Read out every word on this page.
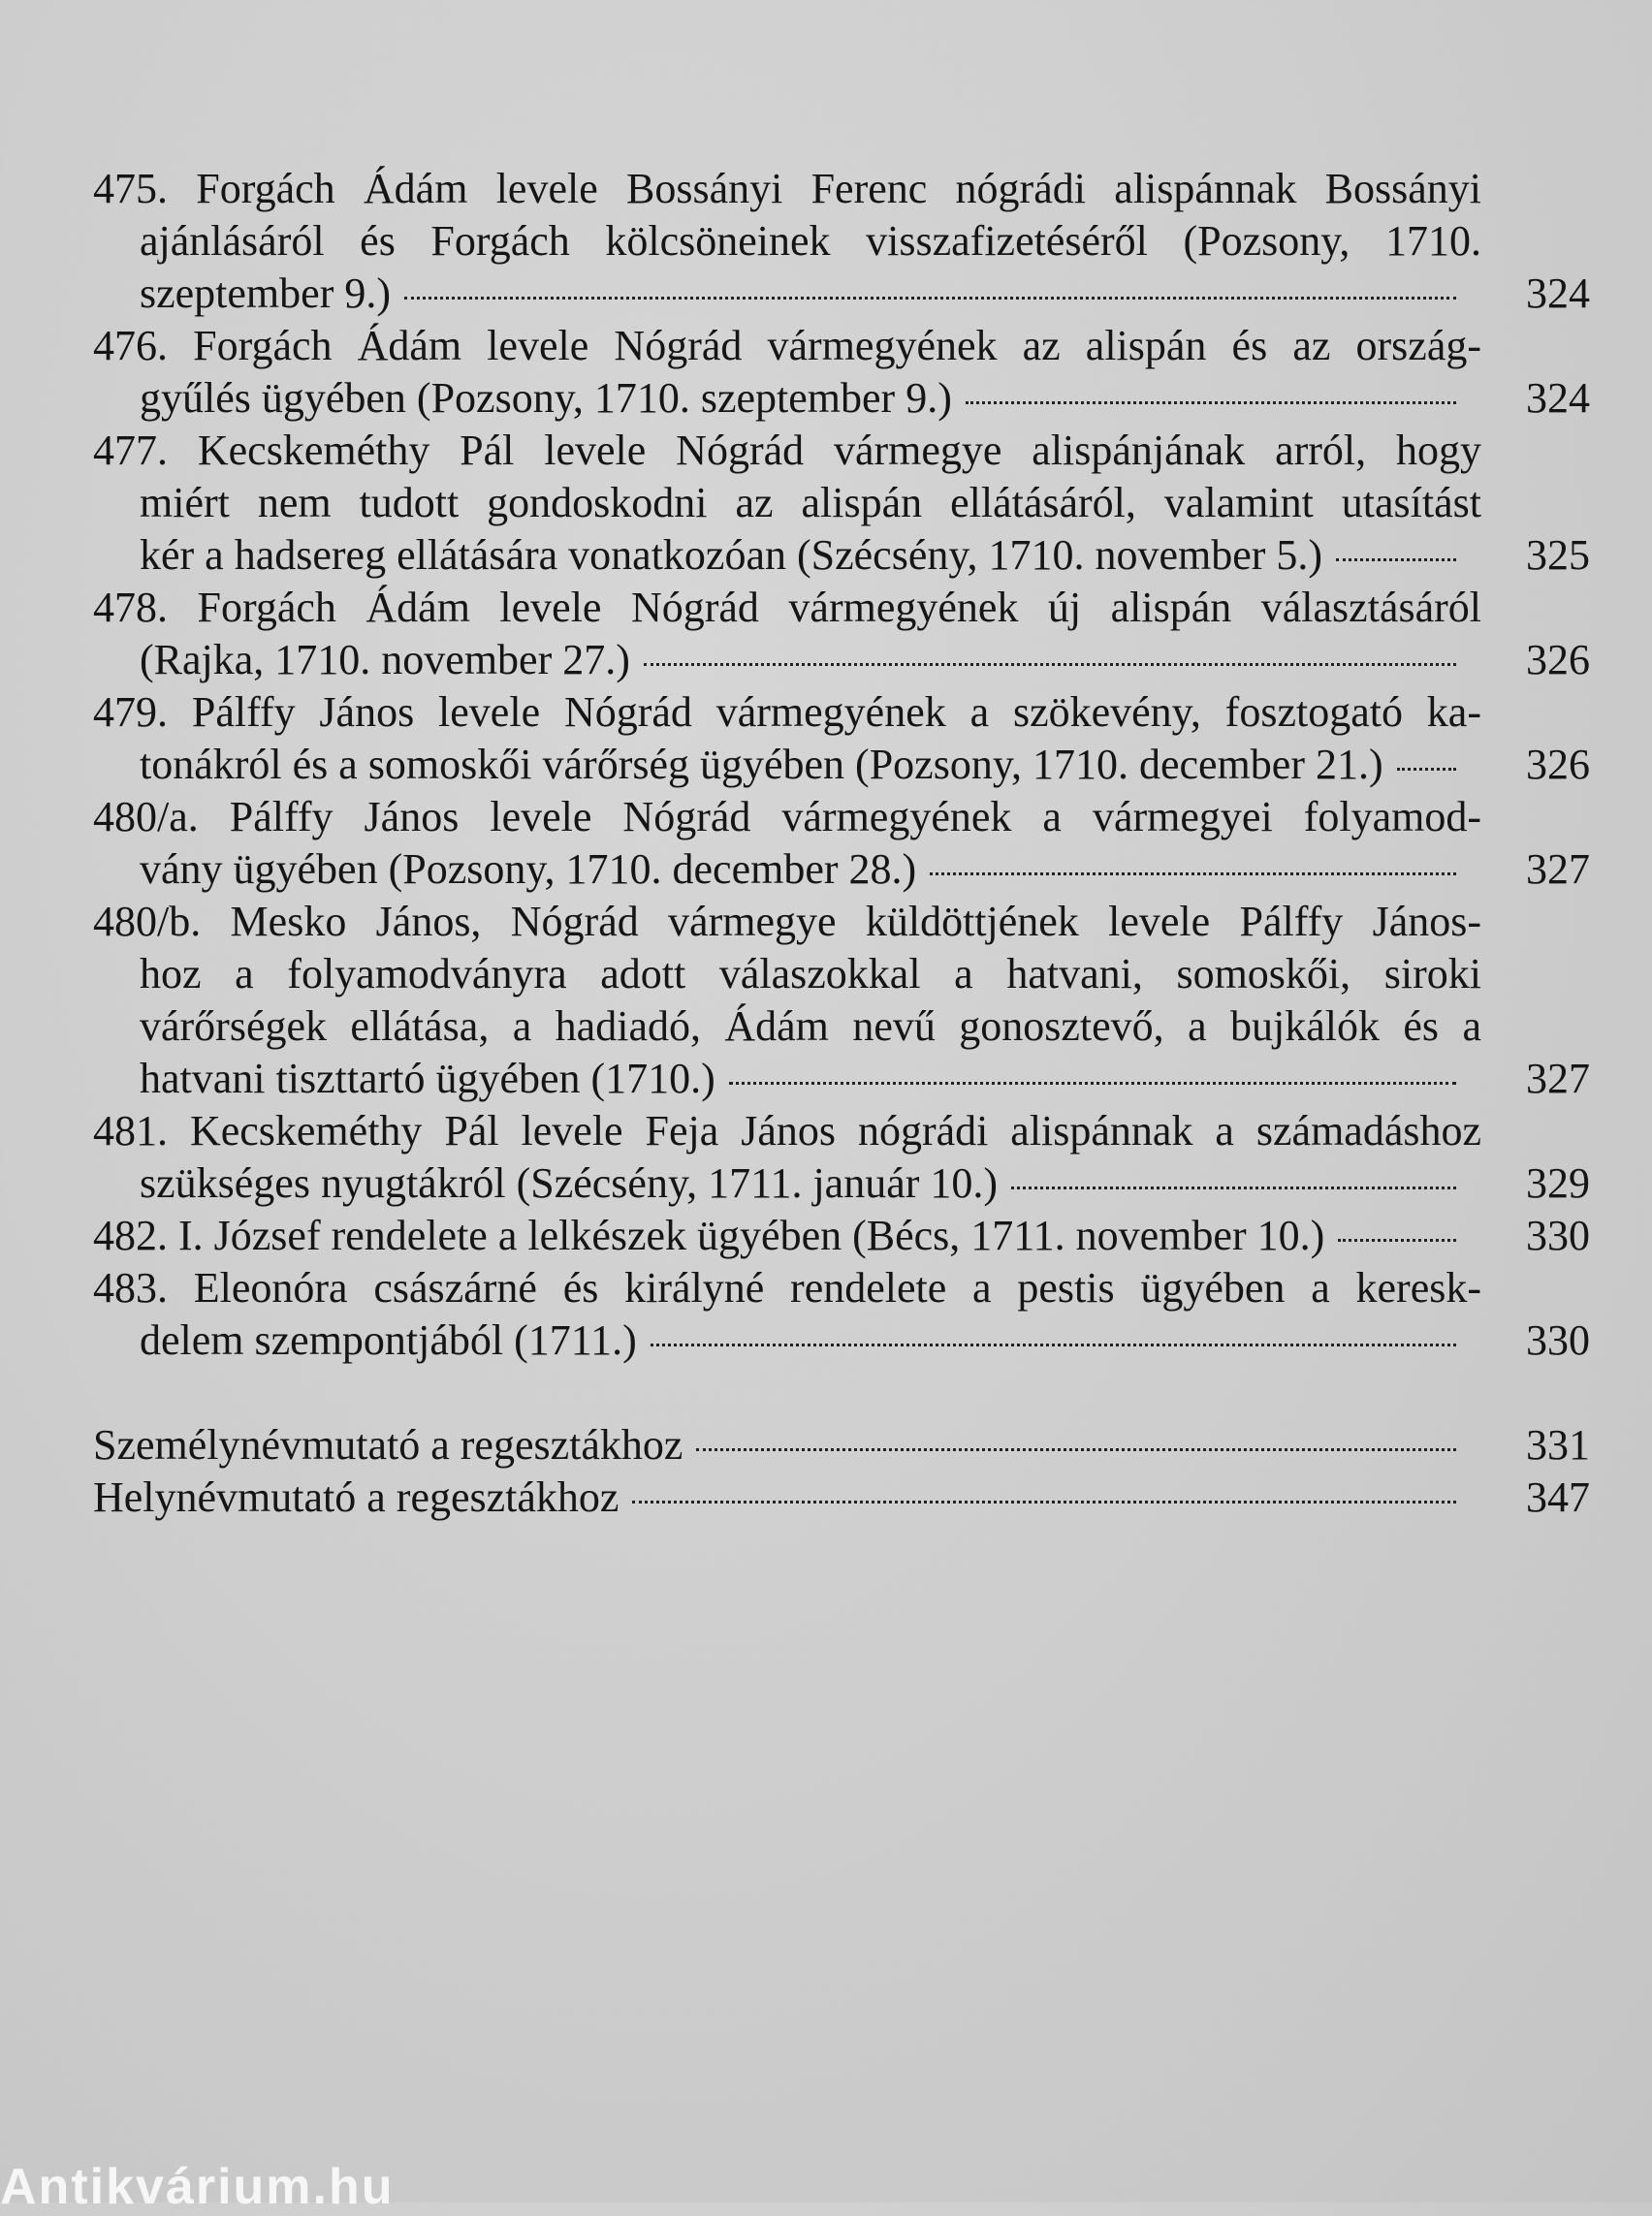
475. Forgách Ádám levele Bossányi Ferenc nógrádi alispánnak Bossányi
ajánlásáról és Forgách kölcsöneinek visszafizetéséről (Pozsony, 1710.
szeptember 9.)	324
476. Forgách Ádám levele Nógrád vármegyének az alispán és az ország-
gyűlés ügyében (Pozsony, 1710. szeptember 9.)	324
477. Kecskeméthy Pál levele Nógrád vármegye alispánjának arról, hogy
miért nem tudott gondoskodni az alispán ellátásáról, valamint utasítást
kér a hadsereg ellátására vonatkozóan (Szécsény, 1710. november 5.)	325
478. Forgách Ádám levele Nógrád vármegyének új alispán választásáról
(Rajka, 1710. november 27.)	326
479. Pálffy János levele Nógrád vármegyének a szökevény, fosztogató ka-
tonákról és a somoskői várőrség ügyében (Pozsony, 1710. december 21.)	326
480/a. Pálffy János levele Nógrád vármegyének a vármegyei folyamod-
vány ügyében (Pozsony, 1710. december 28.)	327
480/b. Mesko János, Nógrád vármegye küldöttjének levele Pálffy János-
hoz a folyamodványra adott válaszokkal a hatvani, somoskői, siroki
várőrségek ellátása, a hadiadó, Ádám nevű gonosztevő, a bujkálók és a
hatvani tiszttartó ügyében (1710.)	327
481. Kecskeméthy Pál levele Feja János nógrádi alispánnak a számadáshoz
szükséges nyugtákról (Szécsény, 1711. január 10.)	329
482. I. József rendelete a lelkészek ügyében (Bécs, 1711. november 10.)	330
483. Eleonóra császárné és királyné rendelete a pestis ügyében a keresk-
delem szempontjából (1711.)	330
Személynévmutató a regesztákhoz	331
Helynévmutató a regesztákhoz	347
Antikvárium.hu
